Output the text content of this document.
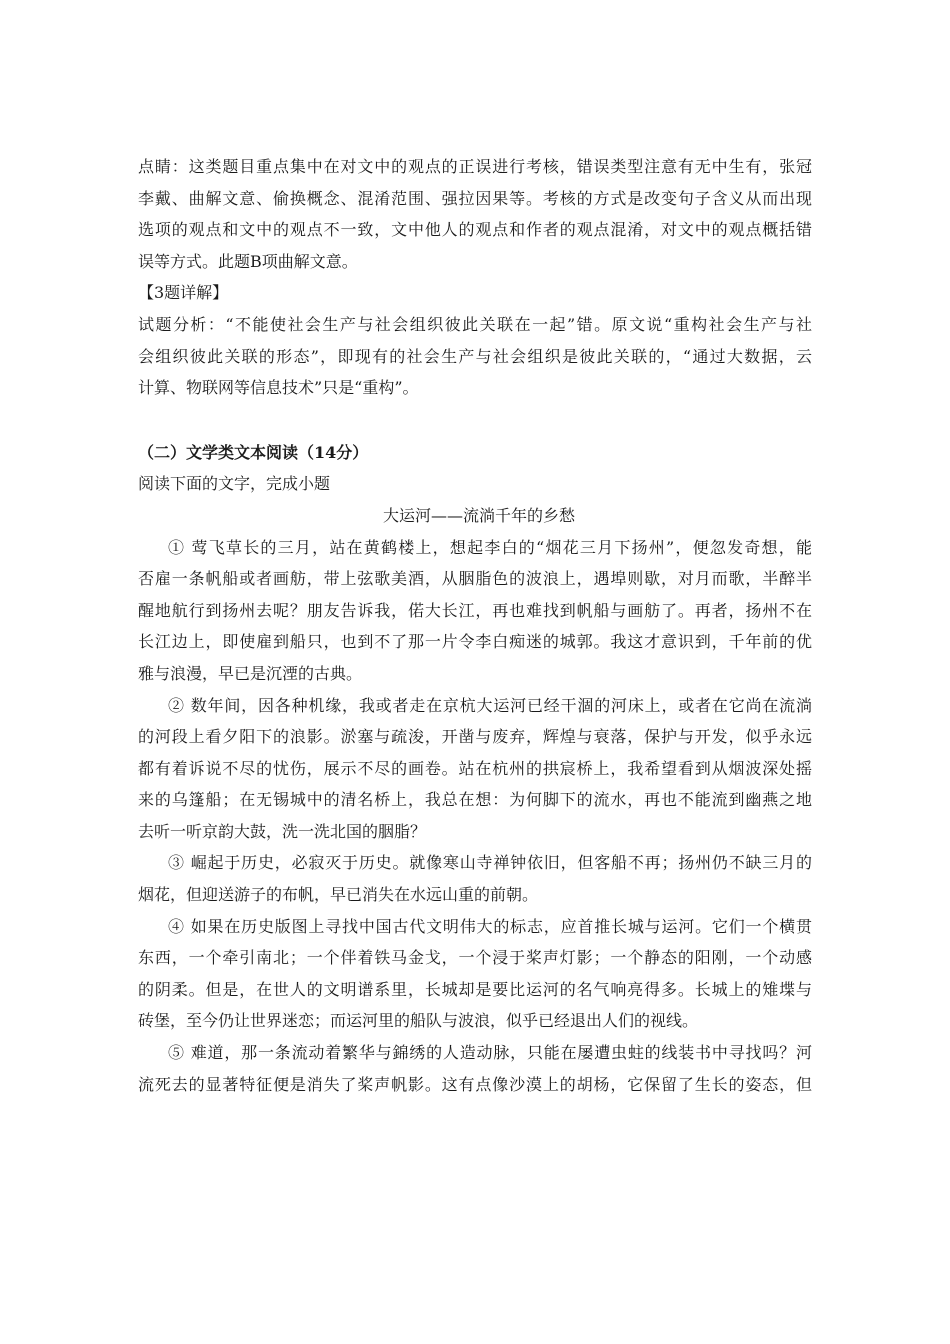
点睛：这类题目重点集中在对文中的观点的正误进行考核，错误类型注意有无中生有，张冠
李戴、曲解文意、偷换概念、混淆范围、强拉因果等。考核的方式是改变句子含义从而出现
选项的观点和文中的观点不一致，文中他人的观点和作者的观点混淆，对文中的观点概括错
误等方式。此题B项曲解文意。
【3题详解】
试题分析：“不能使社会生产与社会组织彼此关联在一起”错。原文说“重构社会生产与社
会组织彼此关联的形态”，即现有的社会生产与社会组织是彼此关联的，“通过大数据，云
计算、物联网等信息技术”只是“重构”。
（二）文学类文本阅读（14分）
阅读下面的文字，完成小题
大运河——流淌千年的乡愁
① 莺飞草长的三月，站在黄鹤楼上，想起李白的“烟花三月下扬州”，便忽发奇想，能
否雇一条帆船或者画舫，带上弦歌美酒，从胭脂色的波浪上，遇埠则歇，对月而歌，半醉半
醒地航行到扬州去呢？朋友告诉我，偌大长江，再也难找到帆船与画舫了。再者，扬州不在
长江边上，即使雇到船只，也到不了那一片令李白痴迷的城郭。我这才意识到，千年前的优
雅与浪漫，早已是沉湮的古典。
② 数年间，因各种机缘，我或者走在京杭大运河已经干涸的河床上，或者在它尚在流淌
的河段上看夕阳下的浪影。淤塞与疏浚，开凿与废弃，辉煌与衰落，保护与开发，似乎永远
都有着诉说不尽的忧伤，展示不尽的画卷。站在杭州的拱宸桥上，我希望看到从烟波深处摇
来的乌篷船；在无锡城中的清名桥上，我总在想：为何脚下的流水，再也不能流到幽燕之地
去听一听京韵大鼓，洗一洗北国的胭脂？
③ 崛起于历史，必寂灭于历史。就像寒山寺禅钟依旧，但客船不再；扬州仍不缺三月的
烟花，但迎送游子的布帆，早已消失在水远山重的前朝。
④ 如果在历史版图上寻找中国古代文明伟大的标志，应首推长城与运河。它们一个横贯
东西，一个牵引南北；一个伴着铁马金戈，一个浸于桨声灯影；一个静态的阳刚，一个动感
的阴柔。但是，在世人的文明谱系里，长城却是要比运河的名气响亮得多。长城上的雉堞与
砖堡，至今仍让世界迷恋；而运河里的船队与波浪，似乎已经退出人们的视线。
⑤ 难道，那一条流动着繁华与錦绣的人造动脉，只能在屡遭虫蛀的线装书中寻找吗？河
流死去的显著特征便是消失了桨声帆影。这有点像沙漠上的胡杨，它保留了生长的姿态，但
